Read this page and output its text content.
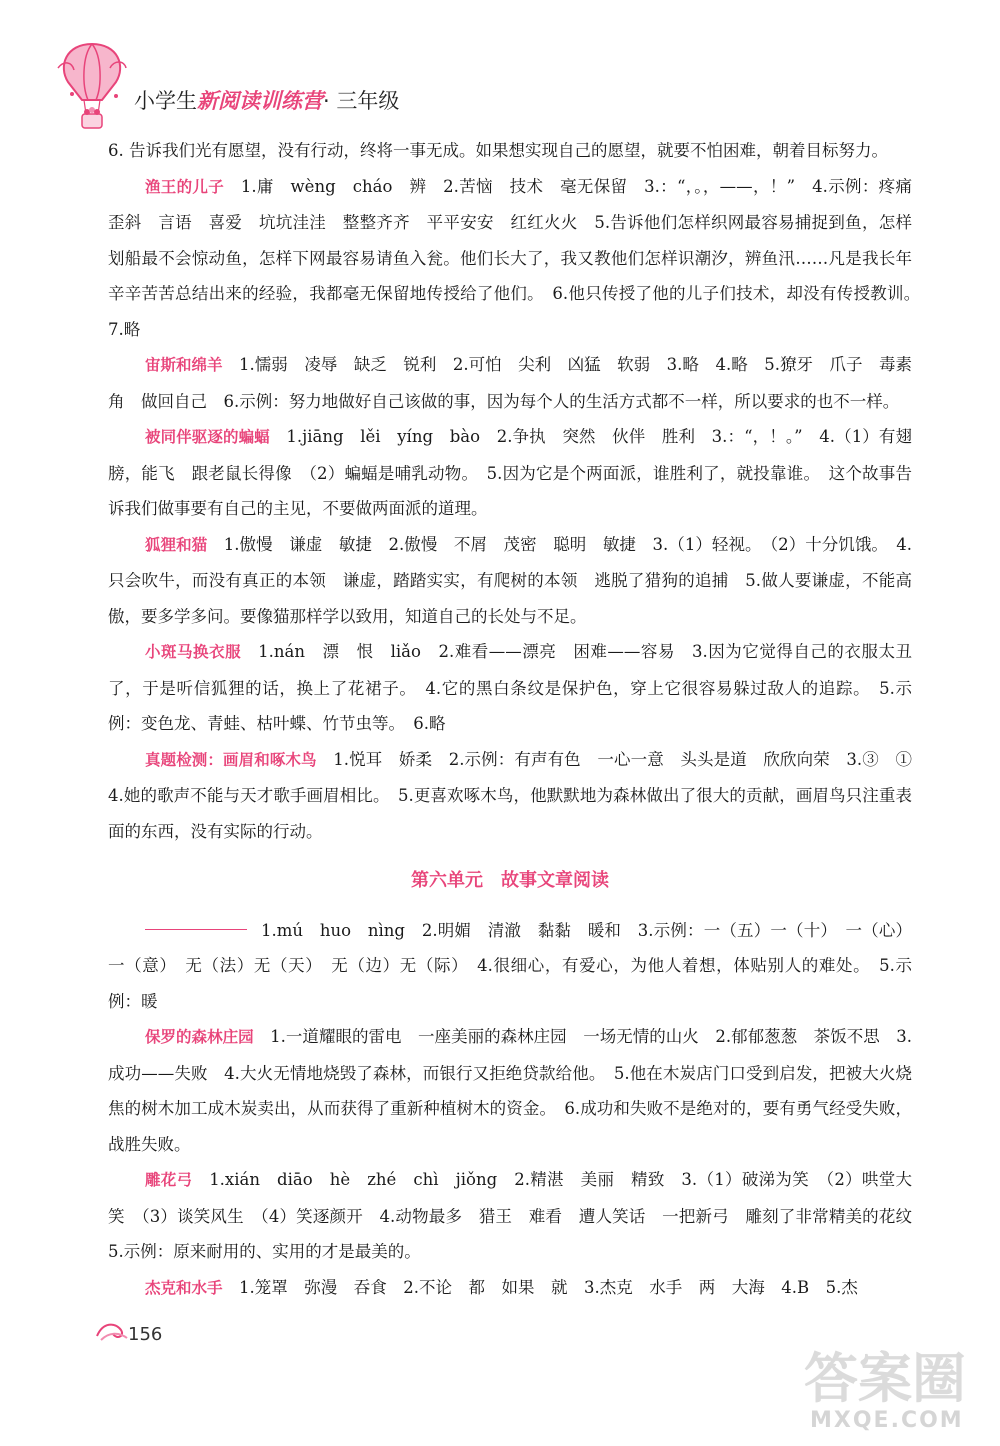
小学生新阅读训练营· 三年级

6. 告诉我们光有愿望，没有行动，终将一事无成。如果想实现自己的愿望，就要不怕困难，朝着目标努力。

渔王的儿子　 1.庸　wèng　cháo　辨　2.苦恼　技术　毫无保留　3.：“，。，——，！”　4.示例：疼痛　歪斜　言语　喜爱　坑坑洼洼　整整齐齐　平平安安　红红火火　5.告诉他们怎样织网最容易捕捉到鱼，怎样划船最不会惊动鱼，怎样下网最容易请鱼入瓮。他们长大了，我又教他们怎样识潮汐，辨鱼汛……凡是我长年辛辛苦苦总结出来的经验，我都毫无保留地传授给了他们。　6.他只传授了他的儿子们技术，却没有传授教训。　7.略

宙斯和绵羊　 1.懦弱　凌辱　缺乏　锐利　2.可怕　尖利　凶猛　软弱　3.略　4.略　5.獠牙　爪子　毒素　角　做回自己　6.示例：努力地做好自己该做的事，因为每个人的生活方式都不一样，所以要求的也不一样。

被同伴驱逐的蝙蝠　 1.jiāng　lěi　yíng　bào　2.争执　突然　伙伴　胜利　3.：“，！。”　4.（1）有翅膀，能飞　跟老鼠长得像　（2）蝙蝠是哺乳动物。　5.因为它是个两面派，谁胜利了，就投靠谁。　这个故事告诉我们做事要有自己的主见，不要做两面派的道理。

狐狸和猫　 1.傲慢　谦虚　敏捷　2.傲慢　不屑　茂密　聪明　敏捷　3.（1）轻视。　（2）十分饥饿。　4.只会吹牛，而没有真正的本领　谦虚，踏踏实实，有爬树的本领　逃脱了猎狗的追捕　5.做人要谦虚，不能高傲，要多学多问。要像猫那样学以致用，知道自己的长处与不足。

小斑马换衣服　 1.nán　漂　恨　liǎo　2.难看——漂亮　困难——容易　3.因为它觉得自己的衣服太丑了，于是听信狐狸的话，换上了花裙子。　4.它的黑白条纹是保护色，穿上它很容易躲过敌人的追踪。　5.示例：变色龙、青蛙、枯叶蝶、竹节虫等。　6.略

真题检测：画眉和啄木鸟　 1.悦耳　娇柔　2.示例：有声有色　一心一意　头头是道　欣欣向荣　3.③　①　4.她的歌声不能与天才歌手画眉相比。　5.更喜欢啄木鸟，他默默地为森林做出了很大的贡献，画眉鸟只注重表面的东西，没有实际的行动。

第六单元　故事文章阅读

1.mú　huo　nìng　2.明媚　清澈　黏黏　暖和　3.示例：一（五）一（十）　一（心）一（意）　无（法）无（天）　无（边）无（际）　4.很细心，有爱心，为他人着想，体贴别人的难处。　5.示例：暖

保罗的森林庄园　 1.一道耀眼的雷电　一座美丽的森林庄园　一场无情的山火　2.郁郁葱葱　茶饭不思　3.成功——失败　4.大火无情地烧毁了森林，而银行又拒绝贷款给他。　5.他在木炭店门口受到启发，把被大火烧焦的树木加工成木炭卖出，从而获得了重新种植树木的资金。　6.成功和失败不是绝对的，要有勇气经受失败，战胜失败。

雕花弓　 1.xián　diāo　hè　zhé　chì　jiǒng　2.精湛　美丽　精致　3.（1）破涕为笑　（2）哄堂大笑　（3）谈笑风生　（4）笑逐颜开　4.动物最多　猎王　难看　遭人笑话　一把新弓　雕刻了非常精美的花纹　5.示例：原来耐用的、实用的才是最美的。

杰克和水手　 1.笼罩　弥漫　吞食　2.不论　都　如果　就　3.杰克　水手　两　大海　4.B　5.杰

156
答案圈
MXQE.COM
